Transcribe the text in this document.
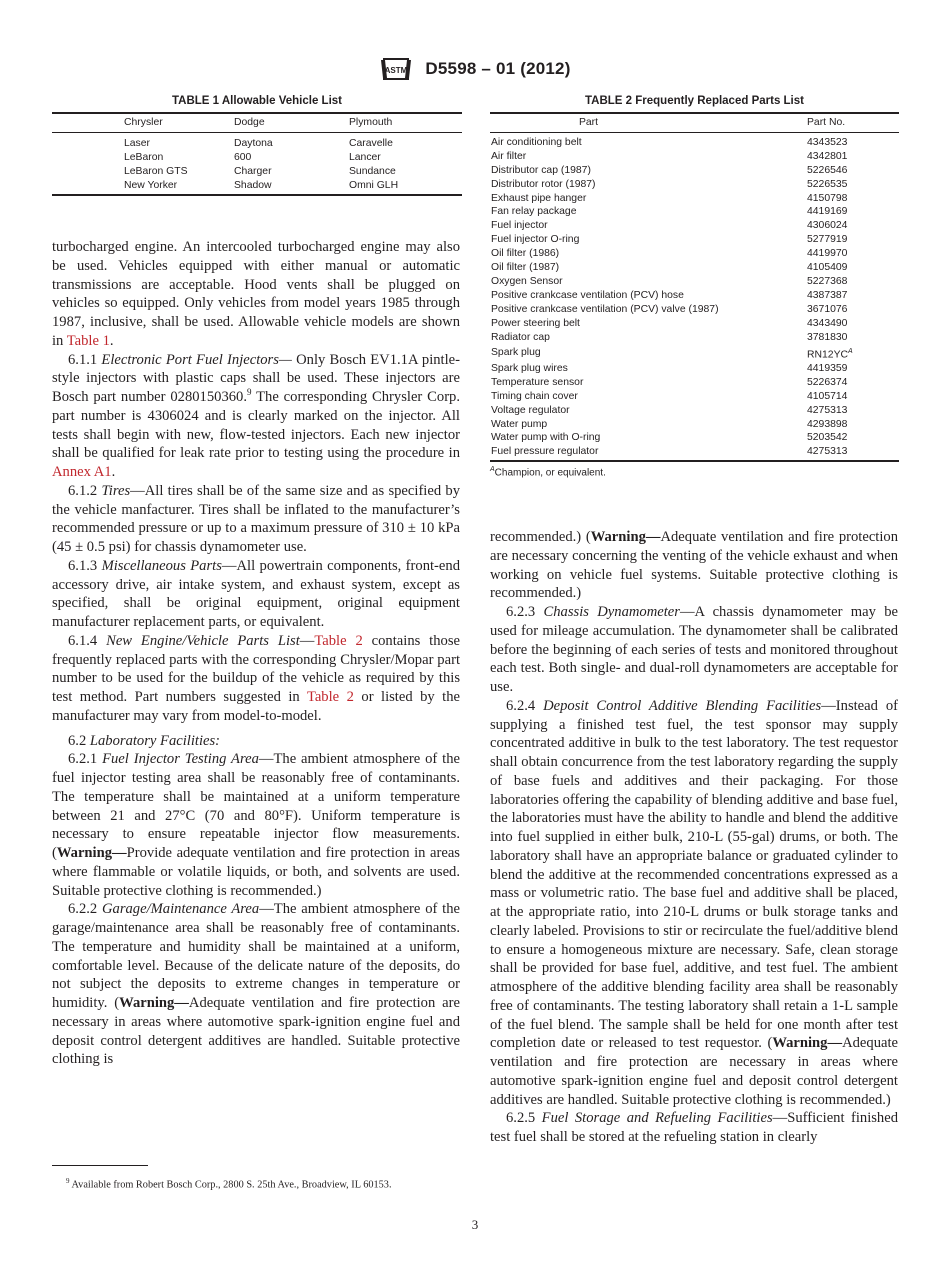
ASTM D5598 – 01 (2012)
TABLE 1 Allowable Vehicle List
Chrysler	Dodge	Plymouth
Laser	Daytona	Caravelle
LeBaron	600	Lancer
LeBaron GTS	Charger	Sundance
New Yorker	Shadow	Omni GLH
TABLE 2 Frequently Replaced Parts List
Part	Part No.
Air conditioning belt	4343523
Air filter	4342801
Distributor cap (1987)	5226546
Distributor rotor (1987)	5226535
Exhaust pipe hanger	4150798
Fan relay package	4419169
Fuel injector	4306024
Fuel injector O-ring	5277919
Oil filter (1986)	4419970
Oil filter (1987)	4105409
Oxygen Sensor	5227368
Positive crankcase ventilation (PCV) hose	4387387
Positive crankcase ventilation (PCV) valve (1987)	3671076
Power steering belt	4343490
Radiator cap	3781830
Spark plug	$RN12YC^A$
Spark plug wires	4419359
Temperature sensor	5226374
Timing chain cover	4105714
Voltage regulator	4275313
Water pump	4293898
Water pump with O-ring	5203542
Fuel pressure regulator	4275313
$^A$Champion, or equivalent.

turbocharged engine. An intercooled turbocharged engine may also be used. Vehicles equipped with either manual or automatic transmissions are acceptable. Hood vents shall be plugged on vehicles so equipped. Only vehicles from model years 1985 through 1987, inclusive, shall be used. Allowable vehicle models are shown in Table 1.

6.1.1 Electronic Port Fuel Injectors— Only Bosch EV1.1A pintle-style injectors with plastic caps shall be used. These injectors are Bosch part number 0280150360.$^9$ The corresponding Chrysler Corp. part number is 4306024 and is clearly marked on the injector. All tests shall begin with new, flow-tested injectors. Each new injector shall be qualified for leak rate prior to testing using the procedure in Annex A1.

6.1.2 Tires—All tires shall be of the same size and as specified by the vehicle manfacturer. Tires shall be inflated to the manufacturer’s recommended pressure or up to a maximum pressure of 310 ± 10 kPa (45 ± 0.5 psi) for chassis dynamometer use.

6.1.3 Miscellaneous Parts—All powertrain components, front-end accessory drive, air intake system, and exhaust system, except as specified, shall be original equipment, original equipment manufacturer replacement parts, or equivalent.

6.1.4 New Engine/Vehicle Parts List—Table 2 contains those frequently replaced parts with the corresponding Chrysler/Mopar part number to be used for the buildup of the vehicle as required by this test method. Part numbers suggested in Table 2 or listed by the manufacturer may vary from model-to-model.

6.2 Laboratory Facilities:

6.2.1 Fuel Injector Testing Area—The ambient atmosphere of the fuel injector testing area shall be reasonably free of contaminants. The temperature shall be maintained at a uniform temperature between 21 and 27°C (70 and 80°F). Uniform temperature is necessary to ensure repeatable injector flow measurements. (Warning—Provide adequate ventilation and fire protection in areas where flammable or volatile liquids, or both, and solvents are used. Suitable protective clothing is recommended.)

6.2.2 Garage/Maintenance Area—The ambient atmosphere of the garage/maintenance area shall be reasonably free of contaminants. The temperature and humidity shall be maintained at a uniform, comfortable level. Because of the delicate nature of the deposits, do not subject the deposits to extreme changes in temperature or humidity. (Warning—Adequate ventilation and fire protection are necessary in areas where automotive spark-ignition engine fuel and deposit control detergent additives are handled. Suitable protective clothing is

recommended.) (Warning—Adequate ventilation and fire protection are necessary concerning the venting of the vehicle exhaust and when working on vehicle fuel systems. Suitable protective clothing is recommended.)

6.2.3 Chassis Dynamometer—A chassis dynamometer may be used for mileage accumulation. The dynamometer shall be calibrated before the beginning of each series of tests and monitored throughout each test. Both single- and dual-roll dynamometers are acceptable for use.

6.2.4 Deposit Control Additive Blending Facilities—Instead of supplying a finished test fuel, the test sponsor may supply concentrated additive in bulk to the test laboratory. The test requestor shall obtain concurrence from the test laboratory regarding the supply of base fuels and additives and their packaging. For those laboratories offering the capability of blending additive and base fuel, the laboratories must have the ability to handle and blend the additive into fuel supplied in either bulk, 210-L (55-gal) drums, or both. The laboratory shall have an appropriate balance or graduated cylinder to blend the additive at the recommended concentrations expressed as a mass or volumetric ratio. The base fuel and additive shall be placed, at the appropriate ratio, into 210-L drums or bulk storage tanks and clearly labeled. Provisions to stir or recirculate the fuel/additive blend to ensure a homogeneous mixture are necessary. Safe, clean storage shall be provided for base fuel, additive, and test fuel. The ambient atmosphere of the additive blending facility area shall be reasonably free of contaminants. The testing laboratory shall retain a 1-L sample of the fuel blend. The sample shall be held for one month after test completion date or released to test requestor. (Warning—Adequate ventilation and fire protection are necessary in areas where automotive spark-ignition engine fuel and deposit control detergent additives are handled. Suitable protective clothing is recommended.)

6.2.5 Fuel Storage and Refueling Facilities—Sufficient finished test fuel shall be stored at the refueling station in clearly

$^9$ Available from Robert Bosch Corp., 2800 S. 25th Ave., Broadview, IL 60153.
3
